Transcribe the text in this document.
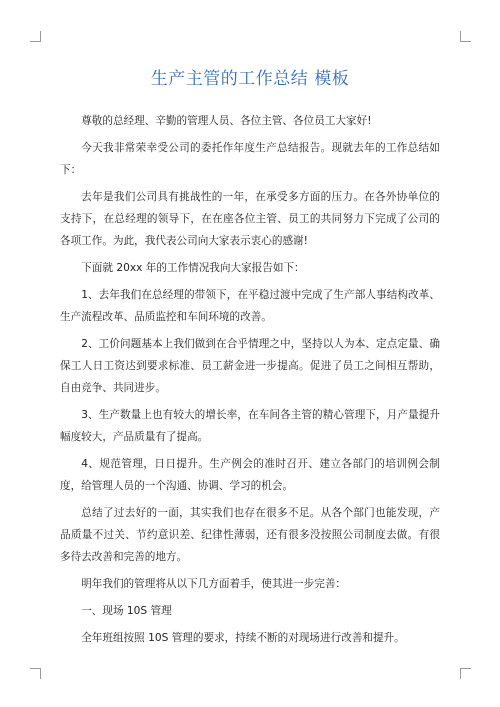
生产主管的工作总结 模板

尊敬的总经理、辛勤的管理人员、各位主管、各位员工大家好!

今天我非常荣幸受公司的委托作年度生产总结报告。现就去年的工作总结如下：

去年是我们公司具有挑战性的一年，在承受多方面的压力。在各外协单位的支持下，在总经理的领导下，在在座各位主管、员工的共同努力下完成了公司的各项工作。为此，我代表公司向大家表示衷心的感谢!

下面就 20xx 年的工作情况我向大家报告如下：

1、去年我们在总经理的带领下，在平稳过渡中完成了生产部人事结构改革、生产流程改革、品质监控和车间环境的改善。

2、工价问题基本上我们做到在合乎情理之中，坚持以人为本、定点定量、确保工人日工资达到要求标准、员工薪金进一步提高。促进了员工之间相互帮助，自由竞争、共同进步。

3、生产数量上也有较大的增长率，在车间各主管的精心管理下，月产量提升幅度较大，产品质量有了提高。

4、规范管理，日日提升。生产例会的准时召开、建立各部门的培训例会制度，给管理人员的一个沟通、协调、学习的机会。

总结了过去好的一面，其实我们也存在很多不足。从各个部门也能发现，产品质量不过关、节约意识差、纪律性薄弱，还有很多没按照公司制度去做。有很多待去改善和完善的地方。

明年我们的管理将从以下几方面着手，使其进一步完善：

一、现场 10S 管理

全年班组按照 10S 管理的要求，持续不断的对现场进行改善和提升。
